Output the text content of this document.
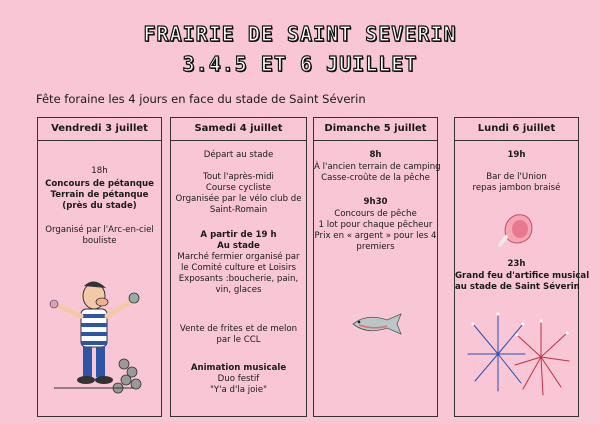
FRAIRIE DE SAINT SEVERIN
3.4.5 ET 6 JUILLET
Fête foraine les 4 jours en face du stade de Saint Séverin
Vendredi 3 juillet
18h
Concours de pétanque
Terrain de pétanque
(près du stade)
Organisé par l'Arc-en-ciel
bouliste
Samedi 4 juillet
Départ au stade
Tout l'après-midi
Course cycliste
Organisée par le vélo club de
Saint-Romain
A partir de 19 h
Au stade
Marché fermier organisé par
le Comité culture et Loisirs
Exposants :boucherie, pain,
vin, glaces
Vente de frites et de melon
par le CCL
Animation musicale
Duo festif
"Y'a d'la joie"
Dimanche 5 juillet
8h
À l'ancien terrain de camping
Casse-croûte de la pêche
9h30
Concours de pêche
1 lot pour chaque pêcheur
Prix en « argent » pour les 4
premiers
Lundi 6 juillet
19h
Bar de l'Union
repas jambon braisé
23h
Grand feu d'artifice musical
au stade de Saint Séverin
